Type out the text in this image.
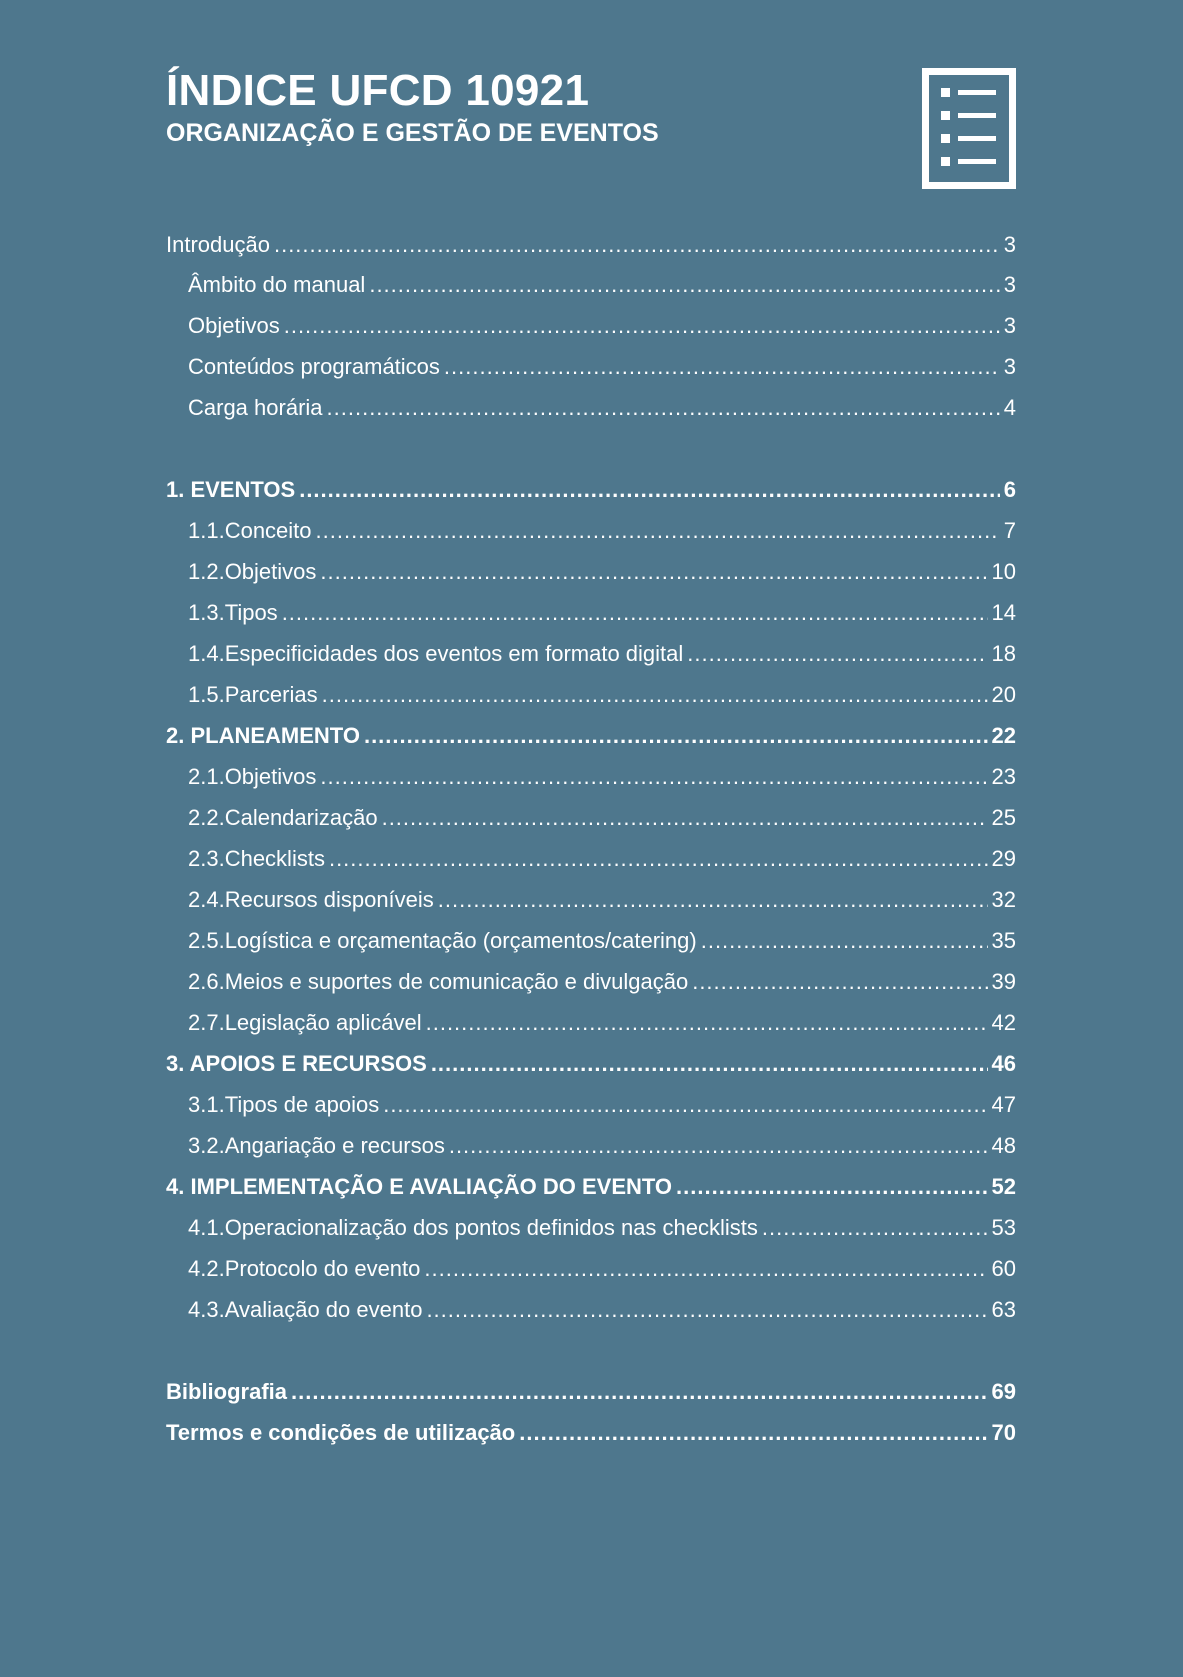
ÍNDICE UFCD 10921
ORGANIZAÇÃO E GESTÃO DE EVENTOS
Introdução .....	3
Âmbito do manual .....	3
Objetivos .....	3
Conteúdos programáticos .....	3
Carga horária .....	4
1. EVENTOS .....	6
1.1.Conceito .....	7
1.2.Objetivos .....	10
1.3.Tipos .....	14
1.4.Especificidades dos eventos em formato digital .....	18
1.5.Parcerias .....	20
2. PLANEAMENTO .....	22
2.1.Objetivos .....	23
2.2.Calendarização .....	25
2.3.Checklists .....	29
2.4.Recursos disponíveis .....	32
2.5.Logística e orçamentação (orçamentos/catering) .....	35
2.6.Meios e suportes de comunicação e divulgação .....	39
2.7.Legislação aplicável .....	42
3. APOIOS E RECURSOS .....	46
3.1.Tipos de apoios .....	47
3.2.Angariação e recursos .....	48
4. IMPLEMENTAÇÃO E AVALIAÇÃO DO EVENTO .....	52
4.1.Operacionalização dos pontos definidos nas checklists .....	53
4.2.Protocolo do evento .....	60
4.3.Avaliação do evento .....	63
Bibliografia .....	69
Termos e condições de utilização .....	70
